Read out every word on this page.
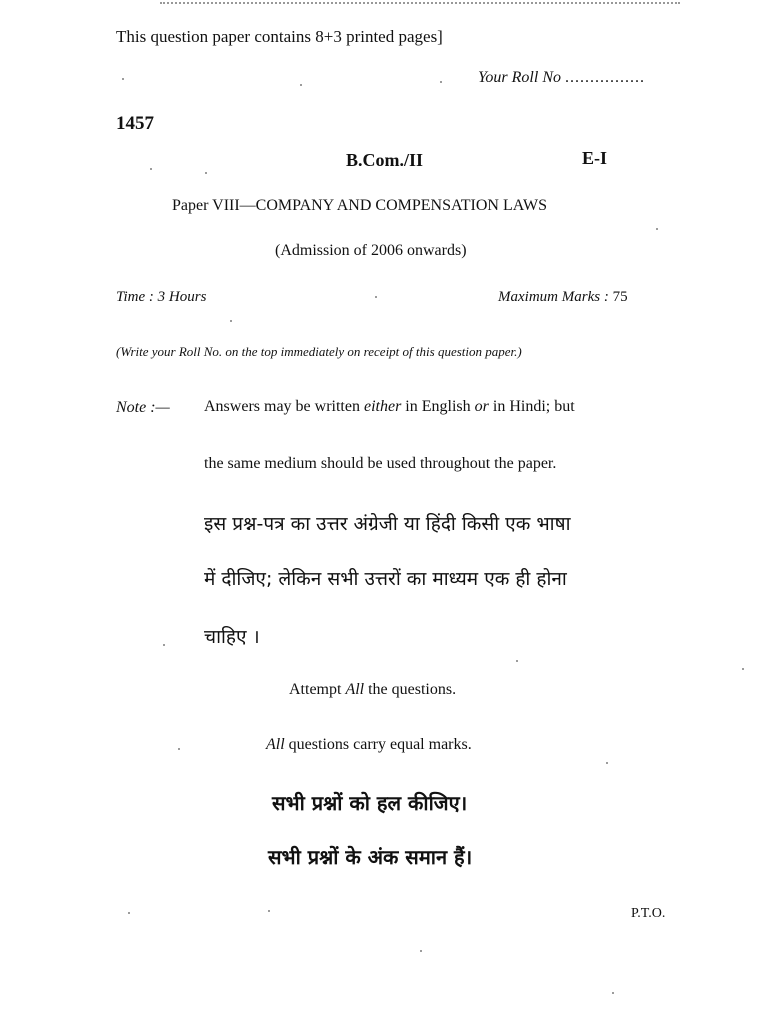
This question paper contains 8+3 printed pages]
Your Roll No ................
1457
B.Com./II	E-I
Paper VIII—COMPANY AND COMPENSATION LAWS
(Admission of 2006 onwards)
Time : 3 Hours	Maximum Marks : 75
(Write your Roll No. on the top immediately on receipt of this question paper.)
Note :— Answers may be written either in English or in Hindi; but
the same medium should be used throughout the paper.
इस प्रश्न-पत्र का उत्तर अंग्रेजी या हिंदी किसी एक भाषा
में दीजिए; लेकिन सभी उत्तरों का माध्यम एक ही होना
चाहिए ।
Attempt All the questions.
All questions carry equal marks.
सभी प्रश्नों को हल कीजिए।
सभी प्रश्नों के अंक समान हैं।
P.T.O.
